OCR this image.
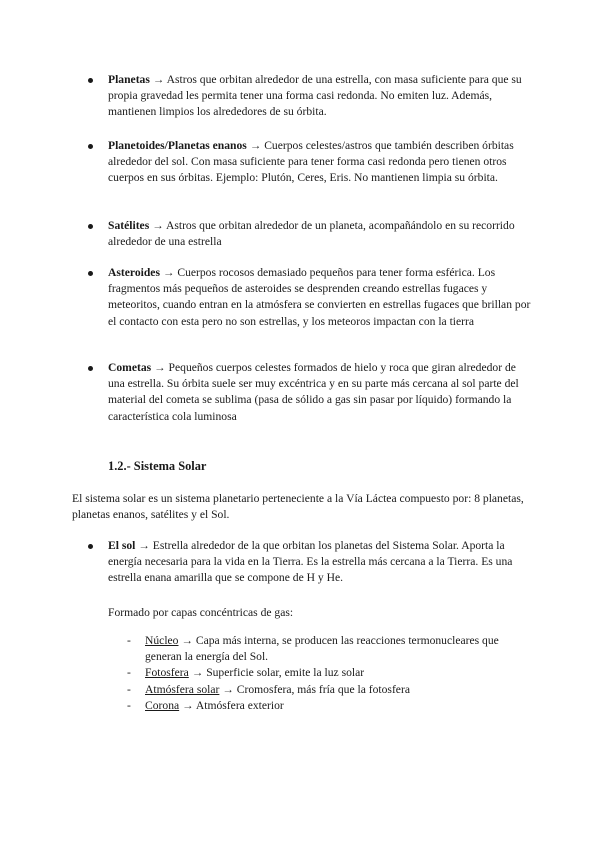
Planetas → Astros que orbitan alrededor de una estrella, con masa suficiente para que su propia gravedad les permita tener una forma casi redonda. No emiten luz. Además, mantienen limpios los alrededores de su órbita.
Planetoides/Planetas enanos → Cuerpos celestes/astros que también describen órbitas alrededor del sol. Con masa suficiente para tener forma casi redonda pero tienen otros cuerpos en sus órbitas. Ejemplo: Plutón, Ceres, Eris. No mantienen limpia su órbita.
Satélites → Astros que orbitan alrededor de un planeta, acompañándolo en su recorrido alrededor de una estrella
Asteroides → Cuerpos rocosos demasiado pequeños para tener forma esférica. Los fragmentos más pequeños de asteroides se desprenden creando estrellas fugaces y meteoritos, cuando entran en la atmósfera se convierten en estrellas fugaces que brillan por el contacto con esta pero no son estrellas, y los meteoros impactan con la tierra
Cometas → Pequeños cuerpos celestes formados de hielo y roca que giran alrededor de una estrella. Su órbita suele ser muy excéntrica y en su parte más cercana al sol parte del material del cometa se sublima (pasa de sólido a gas sin pasar por líquido) formando la característica cola luminosa
1.2.- Sistema Solar

El sistema solar es un sistema planetario perteneciente a la Vía Láctea compuesto por: 8 planetas, planetas enanos, satélites y el Sol.

El sol → Estrella alrededor de la que orbitan los planetas del Sistema Solar. Aporta la energía necesaria para la vida en la Tierra. Es la estrella más cercana a la Tierra. Es una estrella enana amarilla que se compone de H y He.
Formado por capas concéntricas de gas:
- Núcleo → Capa más interna, se producen las reacciones termonucleares que generan la energía del Sol.
- Fotosfera → Superficie solar, emite la luz solar
- Atmósfera solar → Cromosfera, más fría que la fotosfera
- Corona → Atmósfera exterior
